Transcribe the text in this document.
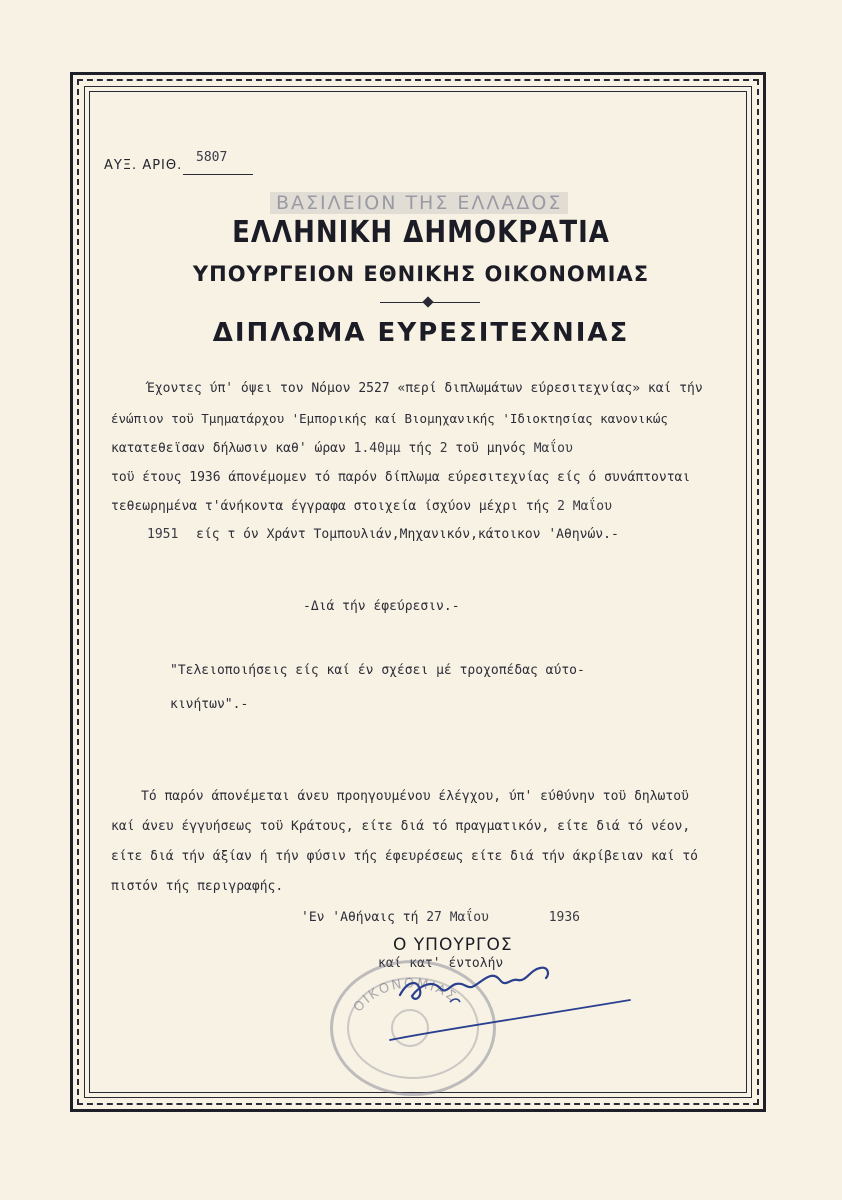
ΑΥΞ. ΑΡΙΘ.
5807
ΒΑΣΙΛΕΙΟΝ ΤΗΣ ΕΛΛΑΔΟΣ
ΕΛΛΗΝΙΚΗ ΔΗΜΟΚΡΑΤΙΑ
ΥΠΟΥΡΓΕΙΟΝ ΕΘΝΙΚΗΣ ΟΙΚΟΝΟΜΙΑΣ
ΔΙΠΛΩΜΑ ΕΥΡΕΣΙΤΕΧΝΙΑΣ
Έχοντες ύπ' όψει τον Νόμον 2527 «περί διπλωμάτων εύρεσιτεχνίας» καί τήν
ένώπιον τοϋ Τμηματάρχου 'Εμπορικής καί Βιομηχανικής 'Ιδιοκτησίας κανονικώς
κατατεθεϊσαν δήλωσιν καθ' ώραν 1.40μμ τής 2 τοϋ μηνός Μαΐου
τοϋ έτους 1936 άπονέμομεν τό παρόν δίπλωμα εύρεσιτεχνίας είς ό συνάπτονται
τεθεωρημένα τ'άνήκοντα έγγραφα στοιχεία ίσχύον μέχρι τής 2 Μαΐου
1951 είς τ όν Χράντ Τομπουλιάν,Μηχανικόν,κάτοικον 'Αθηνών.-
-Διά τήν έφεύρεσιν.-
"Τελειοποιήσεις είς καί έν σχέσει μέ τροχοπέδας αύτο-
κινήτων".-
Τό παρόν άπονέμεται άνευ προηγουμένου έλέγχου, ύπ' εύθύνην τοϋ δηλωτοϋ
καί άνευ έγγυήσεως τοϋ Κράτους, είτε διά τό πραγματικόν, είτε διά τό νέον,
είτε διά τήν άξίαν ή τήν φύσιν τής έφευρέσεως είτε διά τήν άκρίβειαν καί τό
πιστόν τής περιγραφής.
'Εν 'Αθήναις τή 27 Μαΐου	1936
Ο ΥΠΟΥΡΓΟΣ
καί κατ' έντολήν
ΟΙΚΟΝΟΜΙΑΣ
